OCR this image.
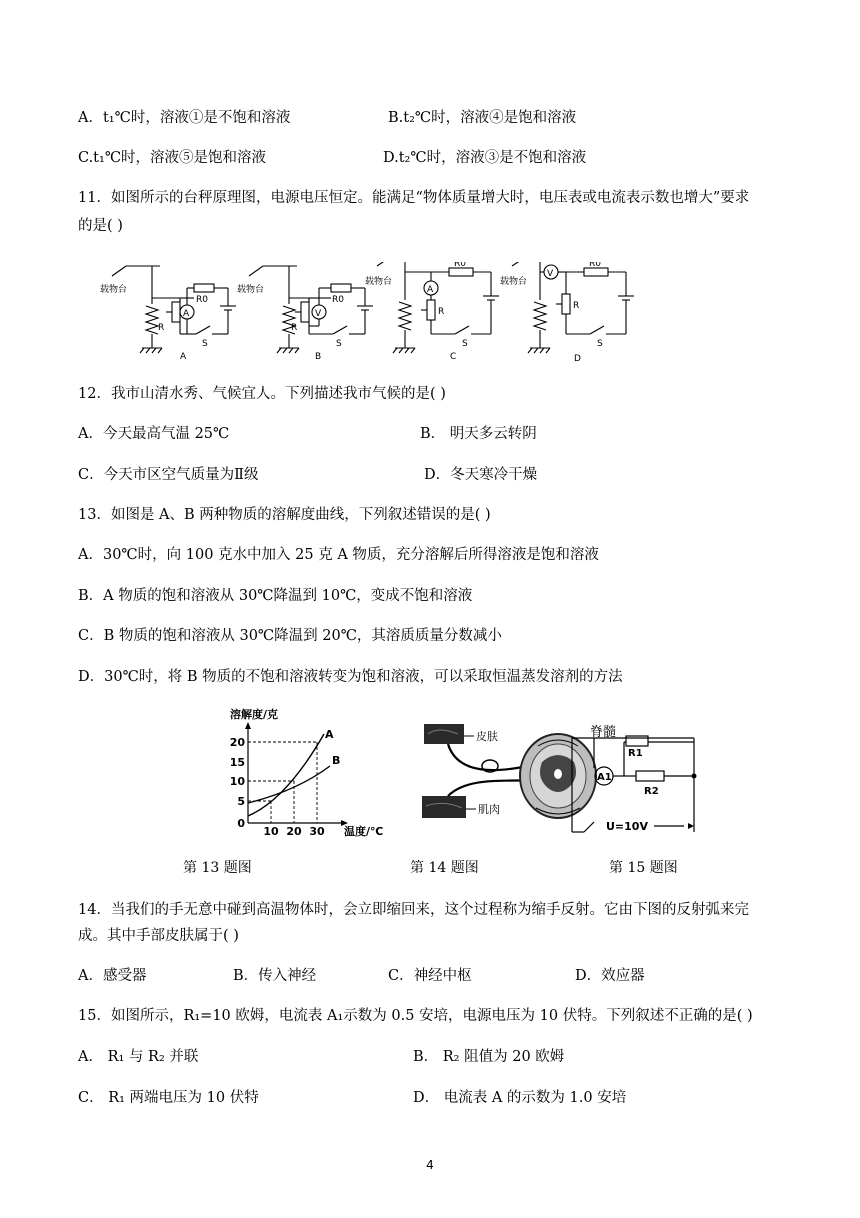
A．t₁℃时，溶液①是不饱和溶液	B.t₂℃时，溶液④是饱和溶液
C.t₁℃时，溶液⑤是饱和溶液	D.t₂℃时，溶液③是不饱和溶液
11．如图所示的台秤原理图，电源电压恒定。能满足“物体质量增大时，电压表或电流表示数也增大”要求
的是( )
载物台
R0
R
A
S
A
载物台
R0
R
V
S
B
载物台
R0
R
A
S
C
载物台
R0
R
V
S
D
12．我市山清水秀、气候宜人。下列描述我市气候的是( )
A．今天最高气温 25℃	B． 明天多云转阴
C．今天市区空气质量为Ⅱ级	D．冬天寒冷干燥
13．如图是 A、B 两种物质的溶解度曲线，下列叙述错误的是( )
A．30℃时，向 100 克水中加入 25 克 A 物质，充分溶解后所得溶液是饱和溶液
B．A 物质的饱和溶液从 30℃降温到 10℃，变成不饱和溶液
C．B 物质的饱和溶液从 30℃降温到 20℃，其溶质质量分数减小
D．30℃时，将 B 物质的不饱和溶液转变为饱和溶液，可以采取恒温蒸发溶剂的方法
溶解度/克
温度/℃
20
15
10
5
0
10 20 30
A
B
皮肤
肌肉
脊髓
R1
R2
A1
U=10V
第 13 题图	第 14 题图	第 15 题图
14．当我们的手无意中碰到高温物体时，会立即缩回来，这个过程称为缩手反射。它由下图的反射弧来完
成。其中手部皮肤属于( )
A．感受器	B．传入神经	C．神经中枢	D．效应器
15．如图所示，R₁=10 欧姆，电流表 A₁示数为 0.5 安培，电源电压为 10 伏特。下列叙述不正确的是( )
A． R₁ 与 R₂ 并联	B． R₂ 阻值为 20 欧姆
C． R₁ 两端电压为 10 伏特	D． 电流表 A 的示数为 1.0 安培
4
